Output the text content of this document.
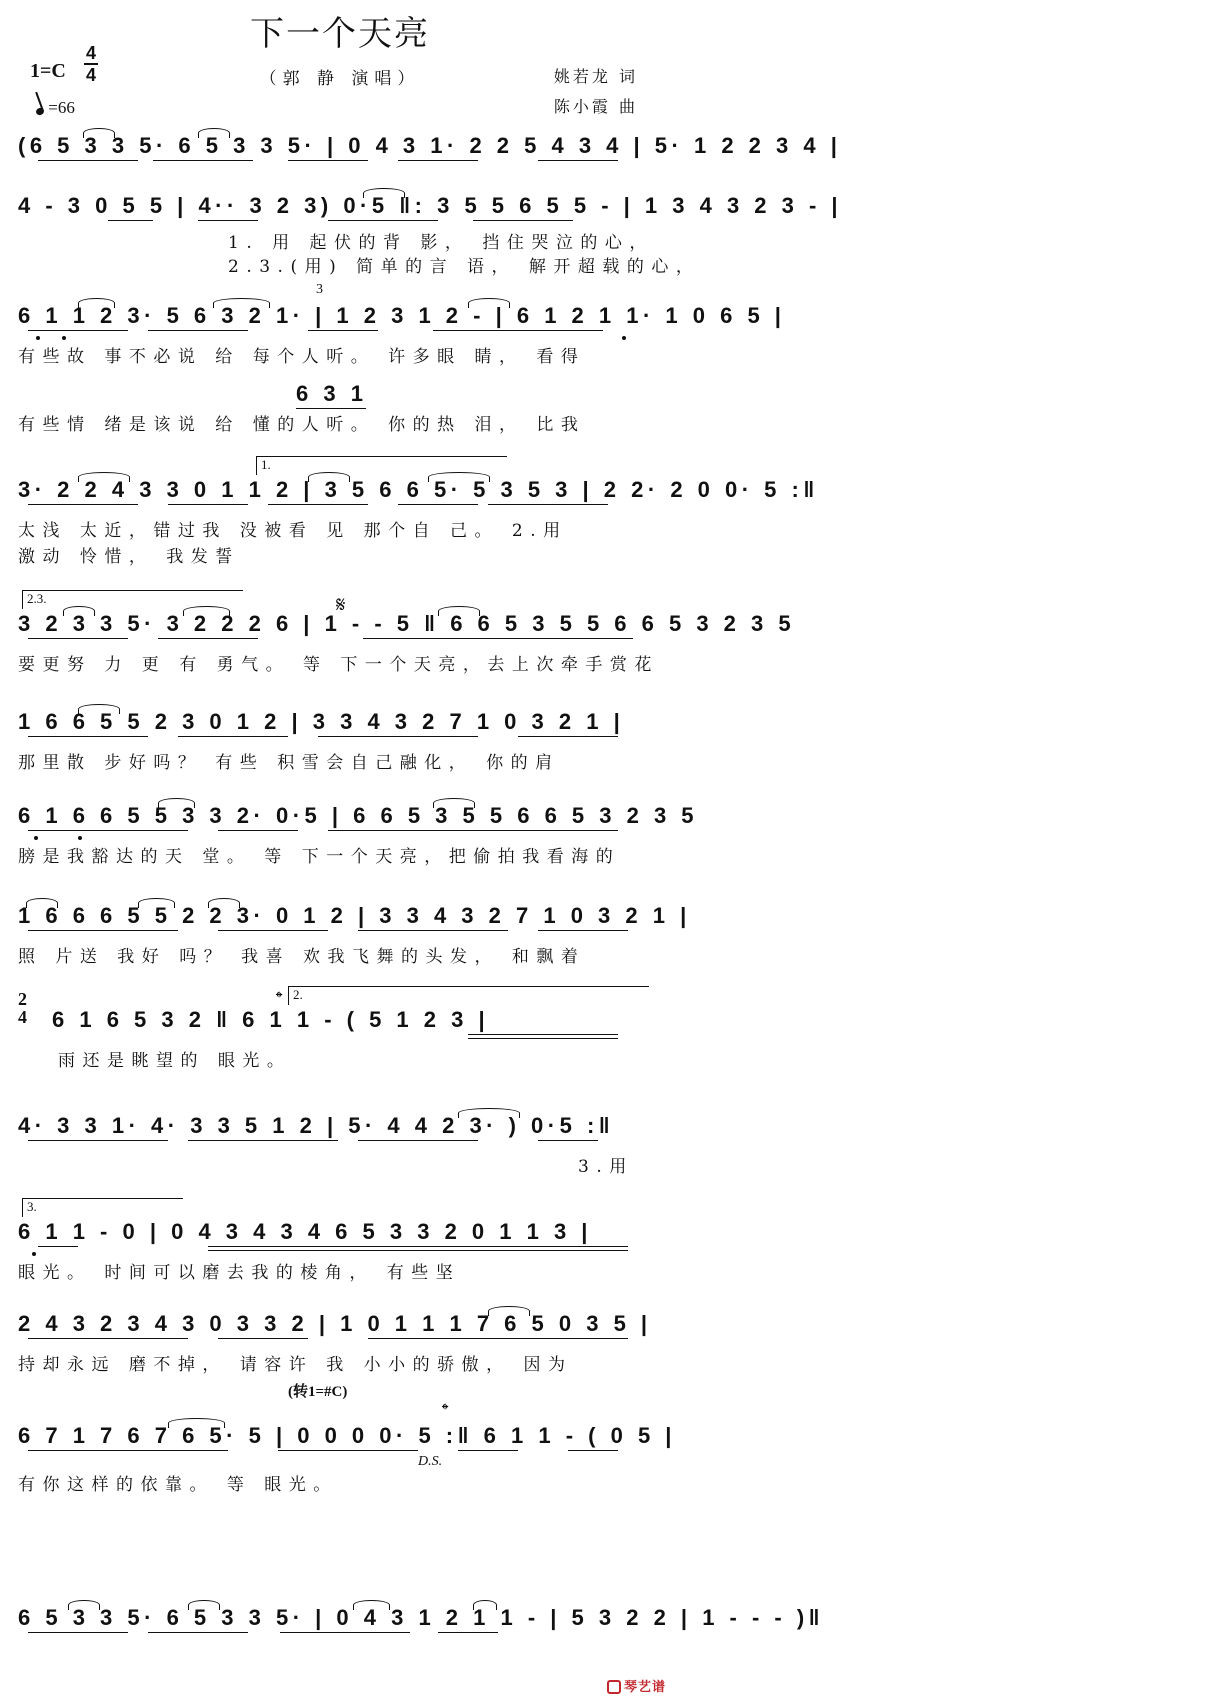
下一个天亮
（郭 静 演唱）
1=C
4
4
=66
姚若龙 词
陈小霞 曲
(6 5 3 3 5· 6 5 3 3 5· | 0 4 3 1· 2 2 5 4 3 4 | 5· 1 2 2 3 4 |
4 - 3 0 5 5 | 4·· 3 2 3) 0·5 ‖: 3 5 5 6 5 5 - | 1 3 4 3 2 3 - |
1. 用 起伏的背 影， 挡住哭泣的心，
2.3.(用) 简单的言 语， 解开超载的心，
3
6 1 1 2 3· 5 6 3 2 1· | 1 2 3 1 2 - | 6 1 2 1 1· 1 0 6 5 |
有些故 事不必说 给 每个人听。 许多眼 睛， 看得
6 3 1
有些情 绪是该说 给 懂的人听。 你的热 泪， 比我
1.
3· 2 2 4 3 3 0 1 1 2 | 3 5 6 6 5· 5 3 5 3 | 2 2· 2 0 0· 5 :‖
太浅 太近，错过我 没被看 见 那个自 己。 2.用
激动 怜惜， 我发誓
2.3.	𝄋
3 2 3 3 5· 3 2 2 2 6 | 1 - - 5 ‖ 6 6 5 3 5 5 6 6 5 3 2 3 5
要更努 力 更 有 勇气。 等 下一个天亮，去上次牵手赏花
1 6 6 5 5 2 3 0 1 2 | 3 3 4 3 2 7 1 0 3 2 1 |
那里散 步好吗？ 有些 积雪会自己融化， 你的肩
6 1 6 6 5 5 3 3 2· 0·5 | 6 6 5 3 5 5 6 6 5 3 2 3 5
膀是我豁达的天 堂。 等 下一个天亮，把偷拍我看海的
1 6 6 6 5 5 2 2 3· 0 1 2 | 3 3 4 3 2 7 1 0 3 2 1 |
照 片送 我好 吗？ 我喜 欢我飞舞的头发， 和飘着
2
4
𝄌 2.
6 1 6 5 3 2 ‖ 6 1 1 - ( 5 1 2 3 |
雨还是眺望的 眼光。
4· 3 3 1· 4· 3 3 5 1 2 | 5· 4 4 2 3· ) 0·5 :‖
3.用
3.
6 1 1 - 0 | 0 4 3 4 3 4 6 5 3 3 2 0 1 1 3 |
眼光。 时间可以磨去我的棱角， 有些坚
2 4 3 2 3 4 3 0 3 3 2 | 1 0 1 1 1 7 6 5 0 3 5 |
持却永远 磨不掉， 请容许 我 小小的骄傲， 因为
(转1=#C)
𝄌
6 7 1 7 6 7 6 5· 5 | 0 0 0 0· 5 :‖ 6 1 1 - ( 0 5 |
D.S.
有你这样的依靠。 等 眼光。
6 5 3 3 5· 6 5 3 3 5· | 0 4 3 1 2 1 1 - | 5 3 2 2 | 1 - - - )‖
琴艺谱
